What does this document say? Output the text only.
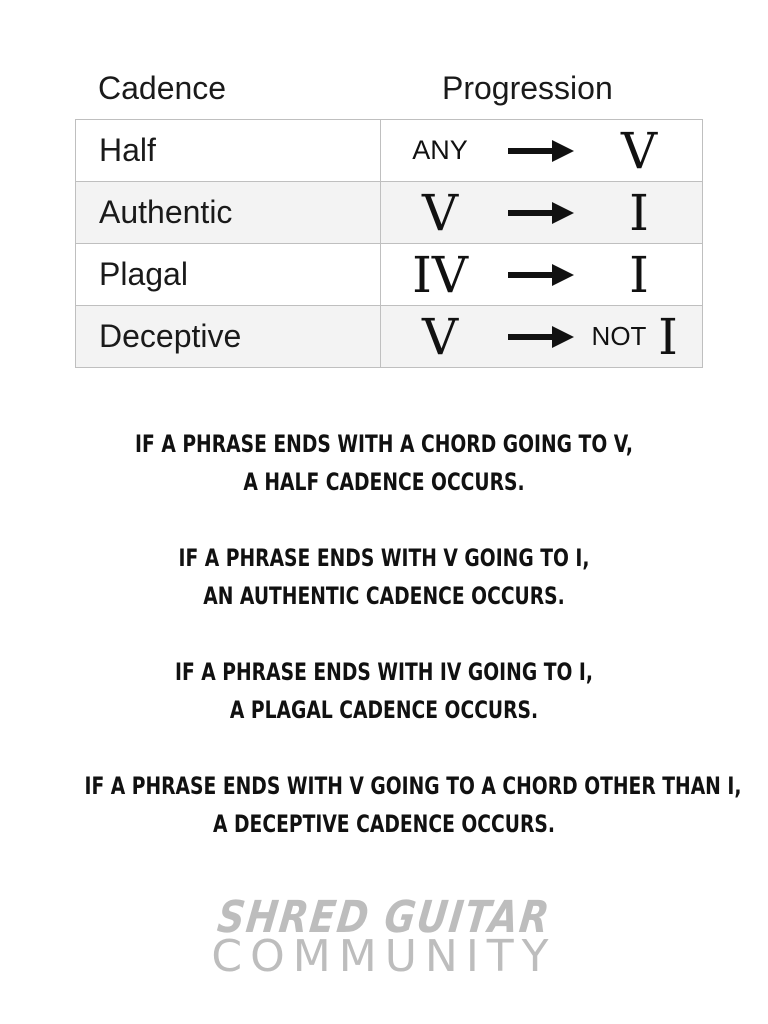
Cadence	Progression
Half	ANY V

Authentic	V I

Plagal	IV I

Deceptive	V NOT I
IF A PHRASE ENDS WITH A CHORD GOING TO V,
A HALF CADENCE OCCURS.
IF A PHRASE ENDS WITH V GOING TO I,
AN AUTHENTIC CADENCE OCCURS.
IF A PHRASE ENDS WITH IV GOING TO I,
A PLAGAL CADENCE OCCURS.
IF A PHRASE ENDS WITH V GOING TO A CHORD OTHER THAN I,
A DECEPTIVE CADENCE OCCURS.
SHRED GUITAR
COMMUNITY
